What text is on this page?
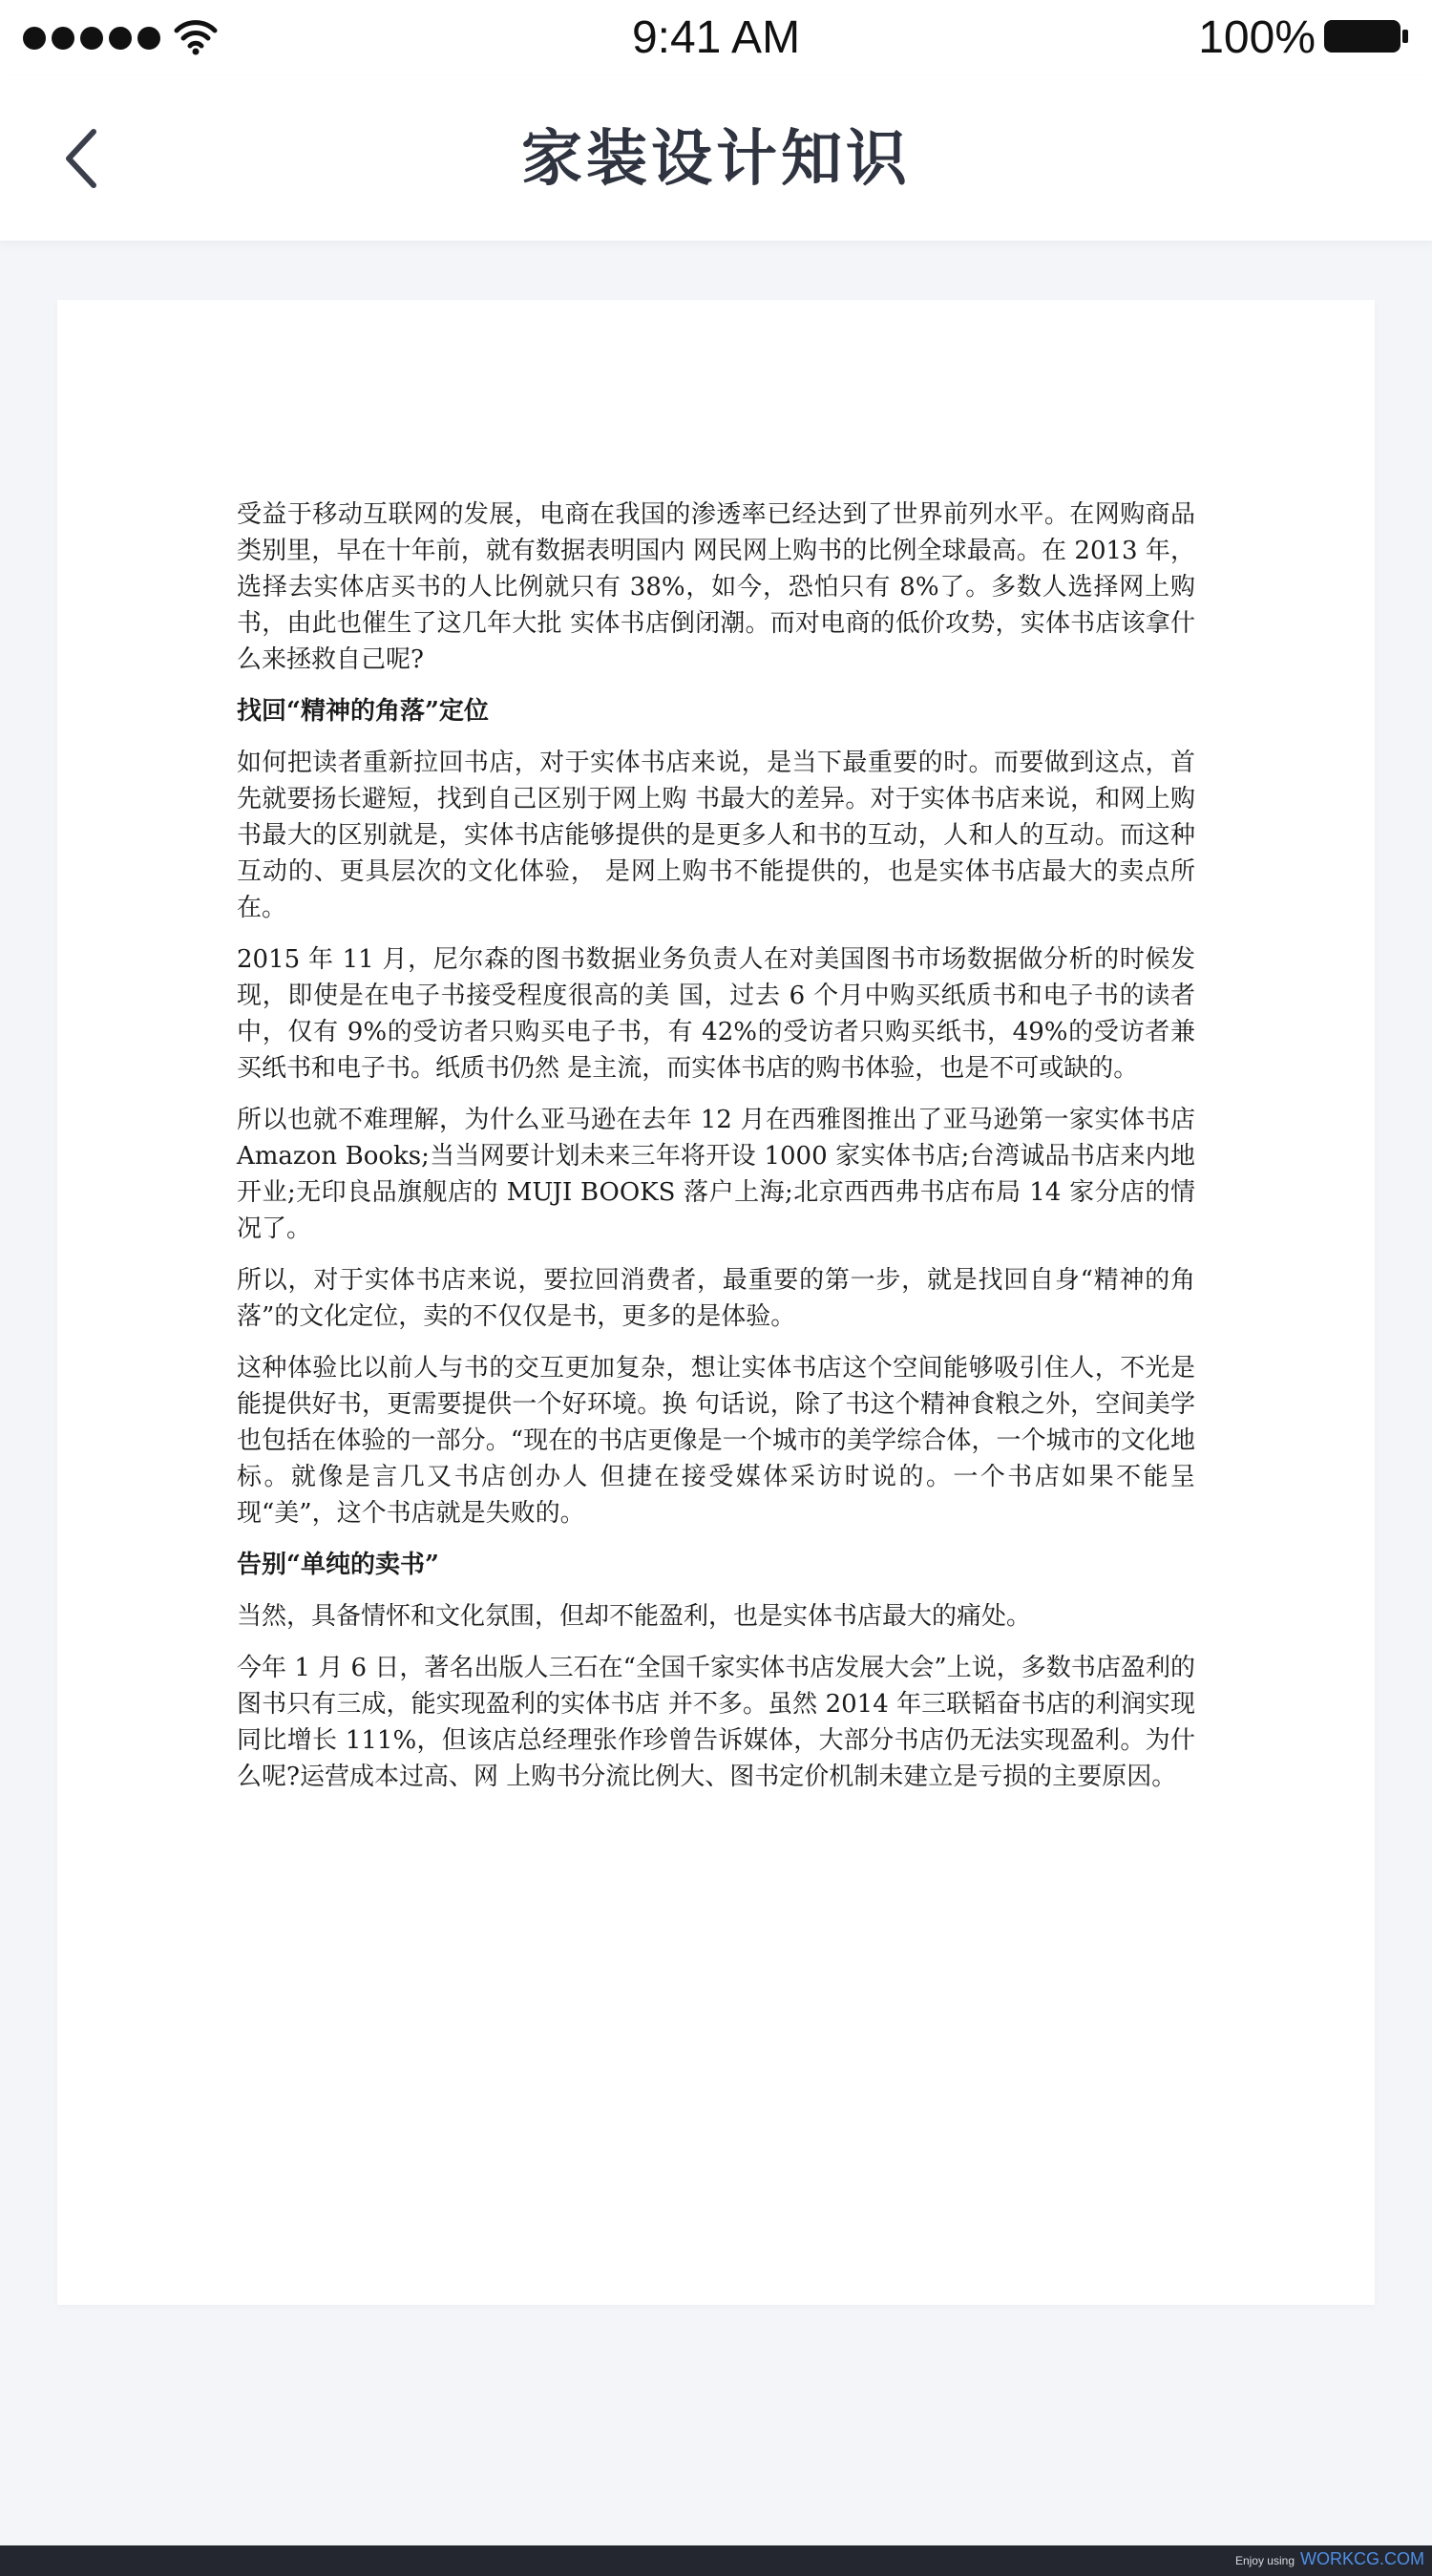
9:41 AM	100%
家装设计知识

受益于移动互联网的发展，电商在我国的渗透率已经达到了世界前列水平。在网购商品类别里，早在十年前，就有数据表明国内 网民网上购书的比例全球最高。在 2013 年，选择去实体店买书的人比例就只有 38%，如今，恐怕只有 8%了。多数人选择网上购书，由此也催生了这几年大批 实体书店倒闭潮。而对电商的低价攻势，实体书店该拿什么来拯救自己呢?

找回“精神的角落”定位

如何把读者重新拉回书店，对于实体书店来说，是当下最重要的时。而要做到这点，首先就要扬长避短，找到自己区别于网上购 书最大的差异。对于实体书店来说，和网上购书最大的区别就是，实体书店能够提供的是更多人和书的互动，人和人的互动。而这种互动的、更具层次的文化体验， 是网上购书不能提供的，也是实体书店最大的卖点所在。

2015 年 11 月，尼尔森的图书数据业务负责人在对美国图书市场数据做分析的时候发现，即使是在电子书接受程度很高的美 国，过去 6 个月中购买纸质书和电子书的读者中，仅有 9%的受访者只购买电子书，有 42%的受访者只购买纸书，49%的受访者兼买纸书和电子书。纸质书仍然 是主流，而实体书店的购书体验，也是不可或缺的。

所以也就不难理解，为什么亚马逊在去年 12 月在西雅图推出了亚马逊第一家实体书店 Amazon Books;当当网要计划未来三年将开设 1000 家实体书店;台湾诚品书店来内地开业;无印良品旗舰店的 MUJI BOOKS 落户上海;北京西西弗书店布局 14 家分店的情况了。

所以，对于实体书店来说，要拉回消费者，最重要的第一步，就是找回自身“精神的角落”的文化定位，卖的不仅仅是书，更多的是体验。

这种体验比以前人与书的交互更加复杂，想让实体书店这个空间能够吸引住人，不光是能提供好书，更需要提供一个好环境。换 句话说，除了书这个精神食粮之外，空间美学也包括在体验的一部分。“现在的书店更像是一个城市的美学综合体，一个城市的文化地标。就像是言几又书店创办人 但捷在接受媒体采访时说的。一个书店如果不能呈现“美”，这个书店就是失败的。

告别“单纯的卖书”

当然，具备情怀和文化氛围，但却不能盈利，也是实体书店最大的痛处。

今年 1 月 6 日，著名出版人三石在“全国千家实体书店发展大会”上说，多数书店盈利的图书只有三成，能实现盈利的实体书店 并不多。虽然 2014 年三联韬奋书店的利润实现同比增长 111%，但该店总经理张作珍曾告诉媒体，大部分书店仍无法实现盈利。为什么呢?运营成本过高、网 上购书分流比例大、图书定价机制未建立是亏损的主要原因。

Enjoy using WORKCG.COM
